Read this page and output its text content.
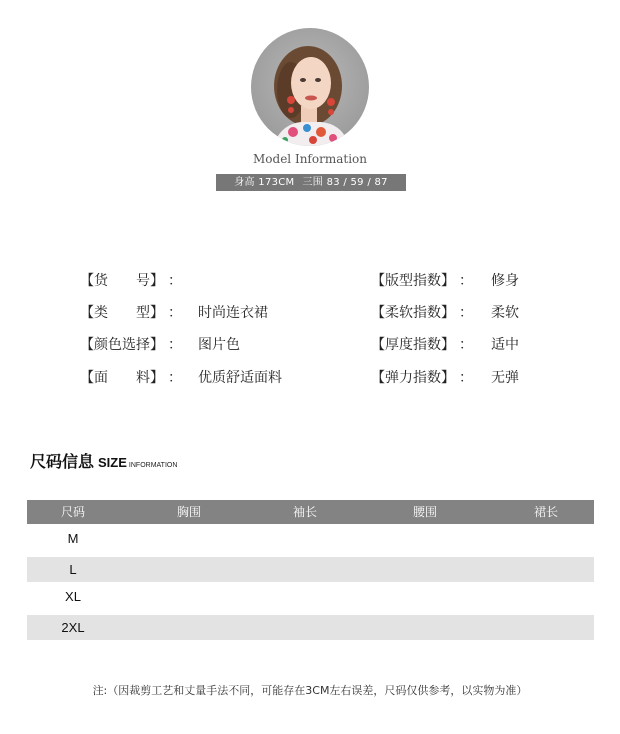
Model Information
身高 173CM 三围 83 / 59 / 87
【货　　号】 ：
【类　　型】 ： 时尚连衣裙
【颜色选择】 ： 图片色
【面　　料】 ： 优质舒适面料
【版型指数】 ： 修身
【柔软指数】 ： 柔软
【厚度指数】 ： 适中
【弹力指数】 ： 无弹
尺码信息 SIZE INFORMATION
尺码	胸围	袖长	腰围	裙长
M
L
XL
2XL
注:（因裁剪工艺和丈量手法不同，可能存在3CM左右误差，尺码仅供参考，以实物为准）
